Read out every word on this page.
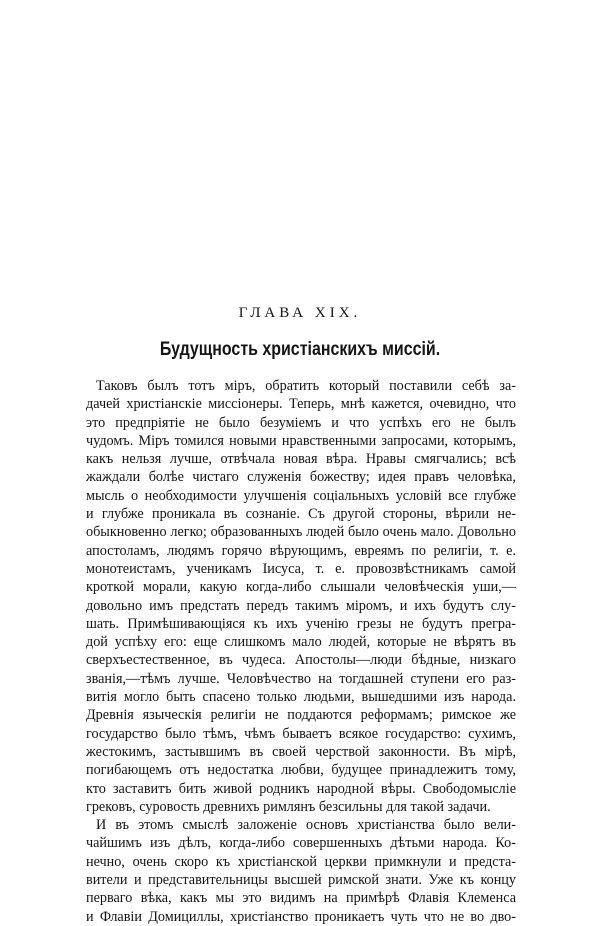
ГЛАВА XIX.
Будущность христіанскихъ миссій.

Таковъ былъ тотъ міръ, обратить который поставили себѣ за-
дачей христіанскіе миссіонеры. Теперь, мнѣ кажется, очевидно, что
это предпріятіе не было безуміемъ и что успѣхъ его не былъ
чудомъ. Міръ томился новыми нравственными запросами, которымъ,
какъ нельзя лучше, отвѣчала новая вѣра. Нравы смягчались; всѣ
жаждали болѣе чистаго служенія божеству; идея правъ человѣка,
мысль о необходимости улучшенія соціальныхъ условій все глубже
и глубже проникала въ сознаніе. Съ другой стороны, вѣрили не-
обыкновенно легко; образованныхъ людей было очень мало. Довольно
апостоламъ, людямъ горячо вѣрующимъ, евреямъ по религіи, т. е.
монотеистамъ, ученикамъ Іисуса, т. е. провозвѣстникамъ самой
кроткой морали, какую когда-либо слышали человѣческія уши,—
довольно имъ предстать передъ такимъ міромъ, и ихъ будутъ слу-
шать. Примѣшивающіяся къ ихъ ученію грезы не будутъ прегра-
дой успѣху его: еще слишкомъ мало людей, которые не вѣрятъ въ
сверхъестественное, въ чудеса. Апостолы—люди бѣдные, низкаго
званія,—тѣмъ лучше. Человѣчество на тогдашней ступени его раз-
витія могло быть спасено только людьми, вышедшими изъ народа.
Древнія языческія религіи не поддаются реформамъ; римское же
государство было тѣмъ, чѣмъ бываетъ всякое государство: сухимъ,
жестокимъ, застывшимъ въ своей черствой законности. Въ мірѣ,
погибающемъ отъ недостатка любви, будущее принадлежитъ тому,
кто заставитъ бить живой родникъ народной вѣры. Свободомысліе
грековъ, суровость древнихъ римлянъ безсильны для такой задачи.

И въ этомъ смыслѣ заложеніе основъ христіанства было вели-
чайшимъ изъ дѣлъ, когда-либо совершенныхъ дѣтьми народа. Ко-
нечно, очень скоро къ христіанской церкви примкнули и предста-
вители и представительницы высшей римской знати. Уже къ концу
перваго вѣка, какъ мы это видимъ на примѣрѣ Флавія Клеменса
и Флавіи Домициллы, христіанство проникаетъ чуть что не во дво-
